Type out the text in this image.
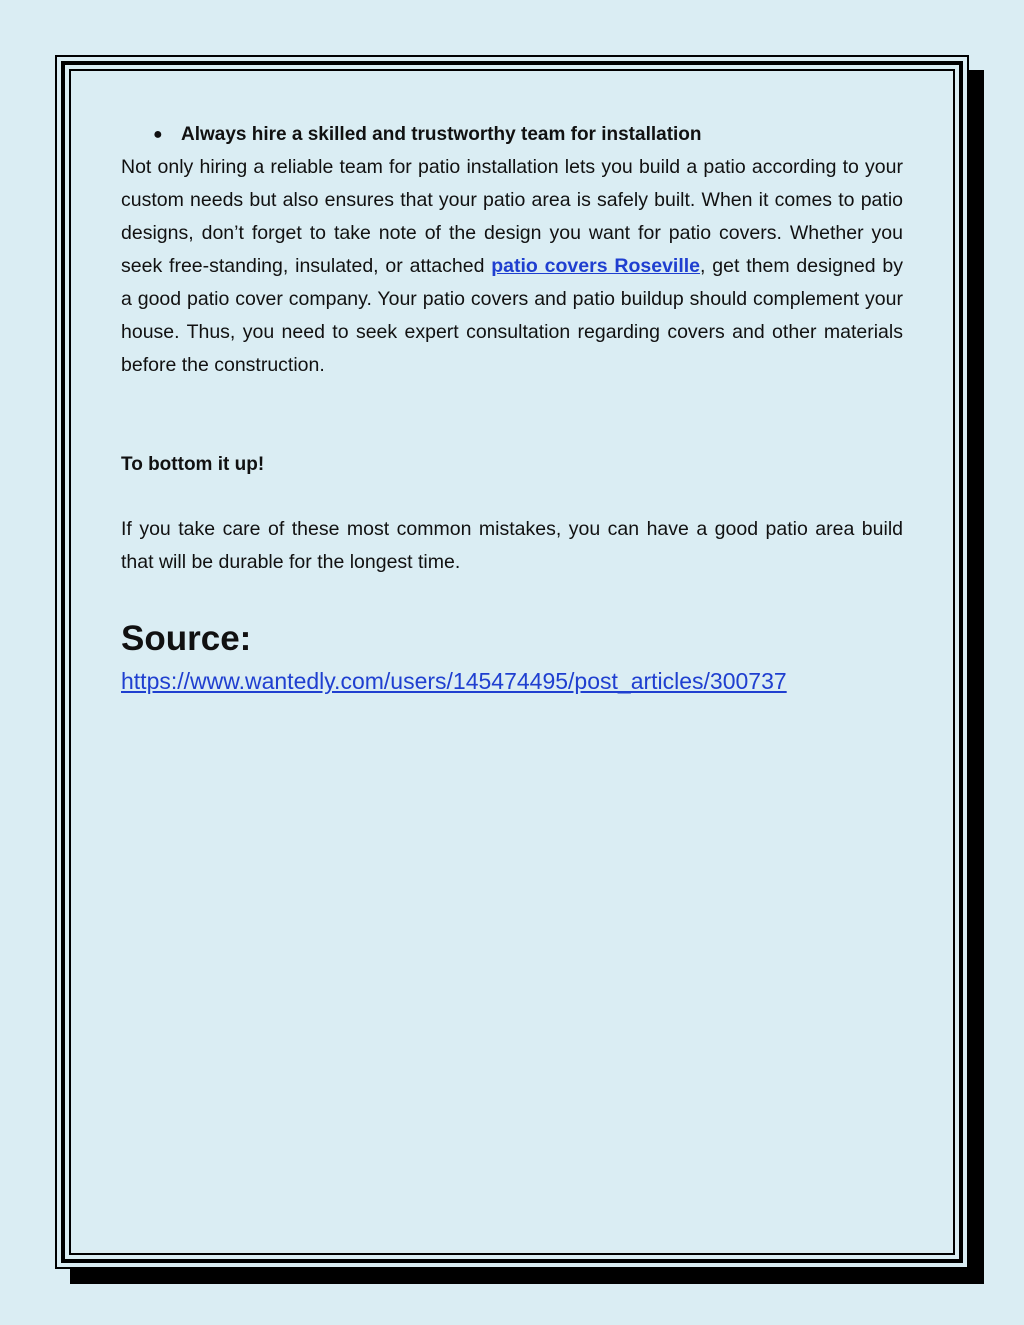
● Always hire a skilled and trustworthy team for installation

Not only hiring a reliable team for patio installation lets you build a patio according to your custom needs but also ensures that your patio area is safely built. When it comes to patio designs, don’t forget to take note of the design you want for patio covers. Whether you seek free-standing, insulated, or attached patio covers Roseville, get them designed by a good patio cover company. Your patio covers and patio buildup should complement your house. Thus, you need to seek expert consultation regarding covers and other materials before the construction.

To bottom it up!

If you take care of these most common mistakes, you can have a good patio area build that will be durable for the longest time.

Source:

https://www.wantedly.com/users/145474495/post_articles/300737
